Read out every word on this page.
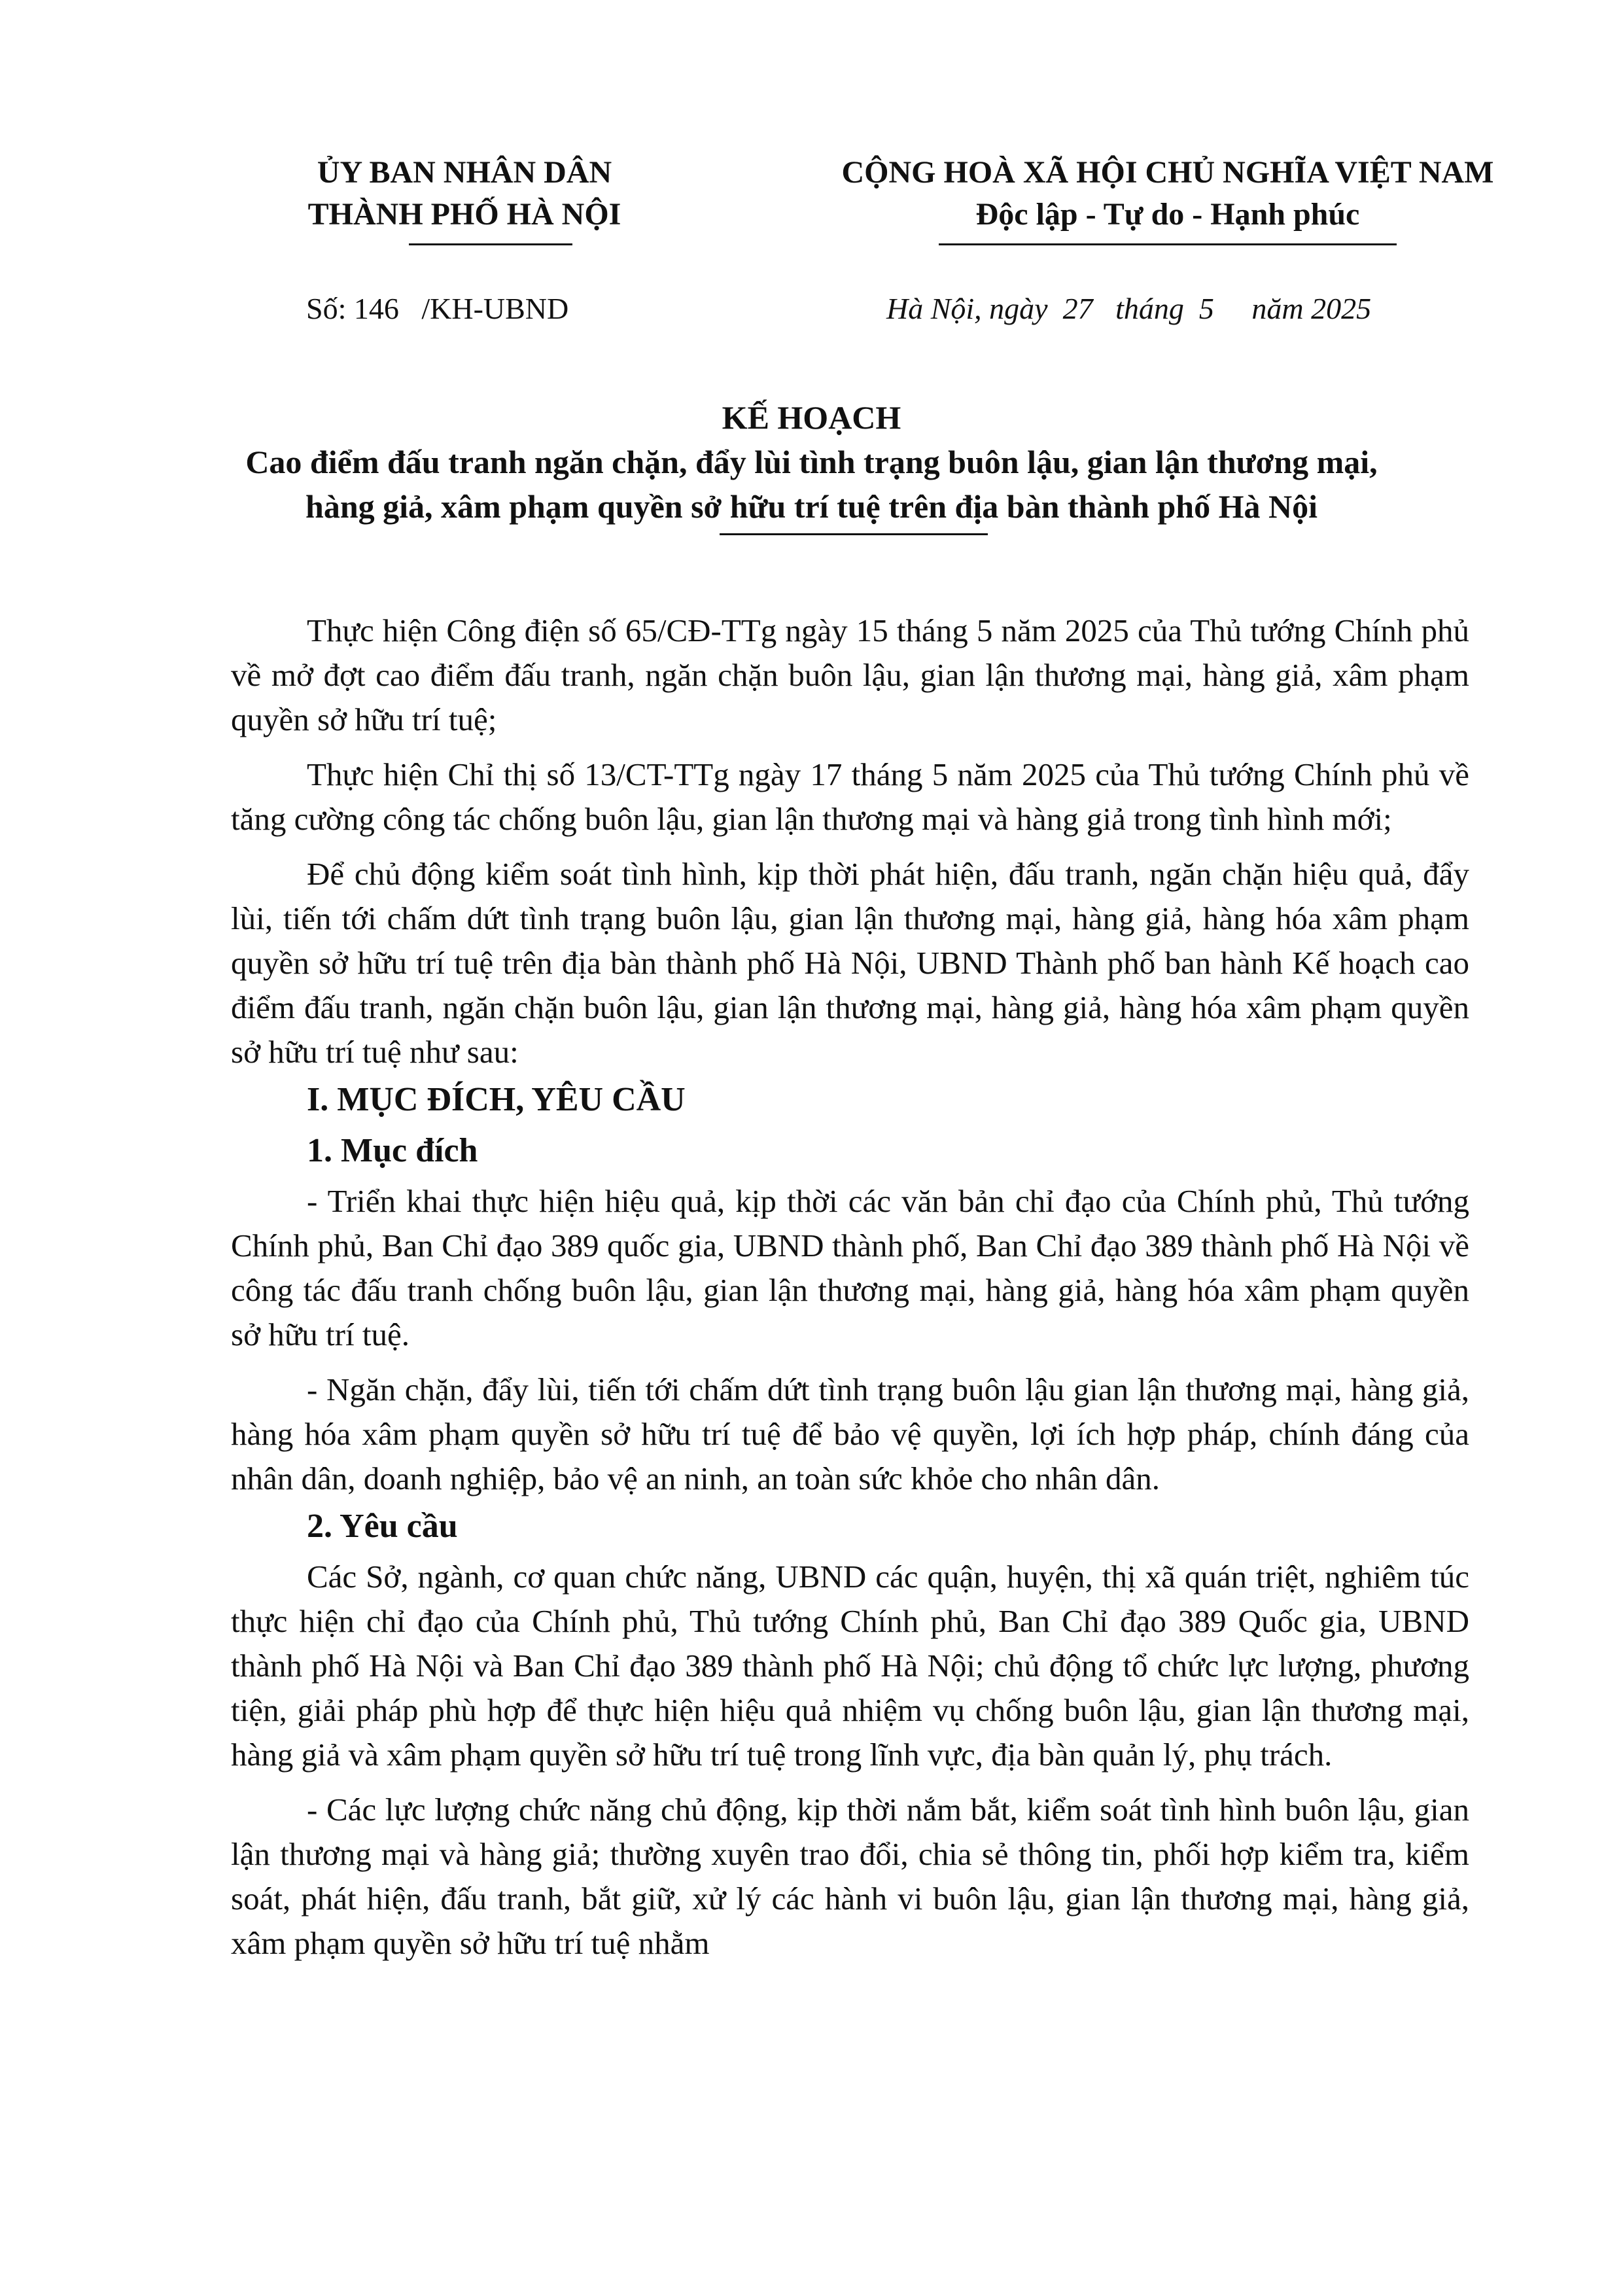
ỦY BAN NHÂN DÂN
THÀNH PHỐ HÀ NỘI
CỘNG HOÀ XÃ HỘI CHỦ NGHĨA VIỆT NAM
Độc lập - Tự do - Hạnh phúc
Số: 146   /KH-UBND	Hà Nội, ngày  27   tháng  5     năm 2025
KẾ HOẠCH
Cao điểm đấu tranh ngăn chặn, đẩy lùi tình trạng buôn lậu, gian lận thương mại, hàng giả, xâm phạm quyền sở hữu trí tuệ trên địa bàn thành phố Hà Nội

Thực hiện Công điện số 65/CĐ-TTg ngày 15 tháng 5 năm 2025 của Thủ tướng Chính phủ về mở đợt cao điểm đấu tranh, ngăn chặn buôn lậu, gian lận thương mại, hàng giả, xâm phạm quyền sở hữu trí tuệ;

Thực hiện Chỉ thị số 13/CT-TTg ngày 17 tháng 5 năm 2025 của Thủ tướng Chính phủ về tăng cường công tác chống buôn lậu, gian lận thương mại và hàng giả trong tình hình mới;

Để chủ động kiểm soát tình hình, kịp thời phát hiện, đấu tranh, ngăn chặn hiệu quả, đẩy lùi, tiến tới chấm dứt tình trạng buôn lậu, gian lận thương mại, hàng giả, hàng hóa xâm phạm quyền sở hữu trí tuệ trên địa bàn thành phố Hà Nội, UBND Thành phố ban hành Kế hoạch cao điểm đấu tranh, ngăn chặn buôn lậu, gian lận thương mại, hàng giả, hàng hóa xâm phạm quyền sở hữu trí tuệ như sau:

I. MỤC ĐÍCH, YÊU CẦU
1. Mục đích

- Triển khai thực hiện hiệu quả, kịp thời các văn bản chỉ đạo của Chính phủ, Thủ tướng Chính phủ, Ban Chỉ đạo 389 quốc gia, UBND thành phố, Ban Chỉ đạo 389 thành phố Hà Nội về công tác đấu tranh chống buôn lậu, gian lận thương mại, hàng giả, hàng hóa xâm phạm quyền sở hữu trí tuệ.

- Ngăn chặn, đẩy lùi, tiến tới chấm dứt tình trạng buôn lậu gian lận thương mại, hàng giả, hàng hóa xâm phạm quyền sở hữu trí tuệ để bảo vệ quyền, lợi ích hợp pháp, chính đáng của nhân dân, doanh nghiệp, bảo vệ an ninh, an toàn sức khỏe cho nhân dân.

2. Yêu cầu

Các Sở, ngành, cơ quan chức năng, UBND các quận, huyện, thị xã quán triệt, nghiêm túc thực hiện chỉ đạo của Chính phủ, Thủ tướng Chính phủ, Ban Chỉ đạo 389 Quốc gia, UBND thành phố Hà Nội và Ban Chỉ đạo 389 thành phố Hà Nội; chủ động tổ chức lực lượng, phương tiện, giải pháp phù hợp để thực hiện hiệu quả nhiệm vụ chống buôn lậu, gian lận thương mại, hàng giả và xâm phạm quyền sở hữu trí tuệ trong lĩnh vực, địa bàn quản lý, phụ trách.

- Các lực lượng chức năng chủ động, kịp thời nắm bắt, kiểm soát tình hình buôn lậu, gian lận thương mại và hàng giả; thường xuyên trao đổi, chia sẻ thông tin, phối hợp kiểm tra, kiểm soát, phát hiện, đấu tranh, bắt giữ, xử lý các hành vi buôn lậu, gian lận thương mại, hàng giả, xâm phạm quyền sở hữu trí tuệ nhằm
